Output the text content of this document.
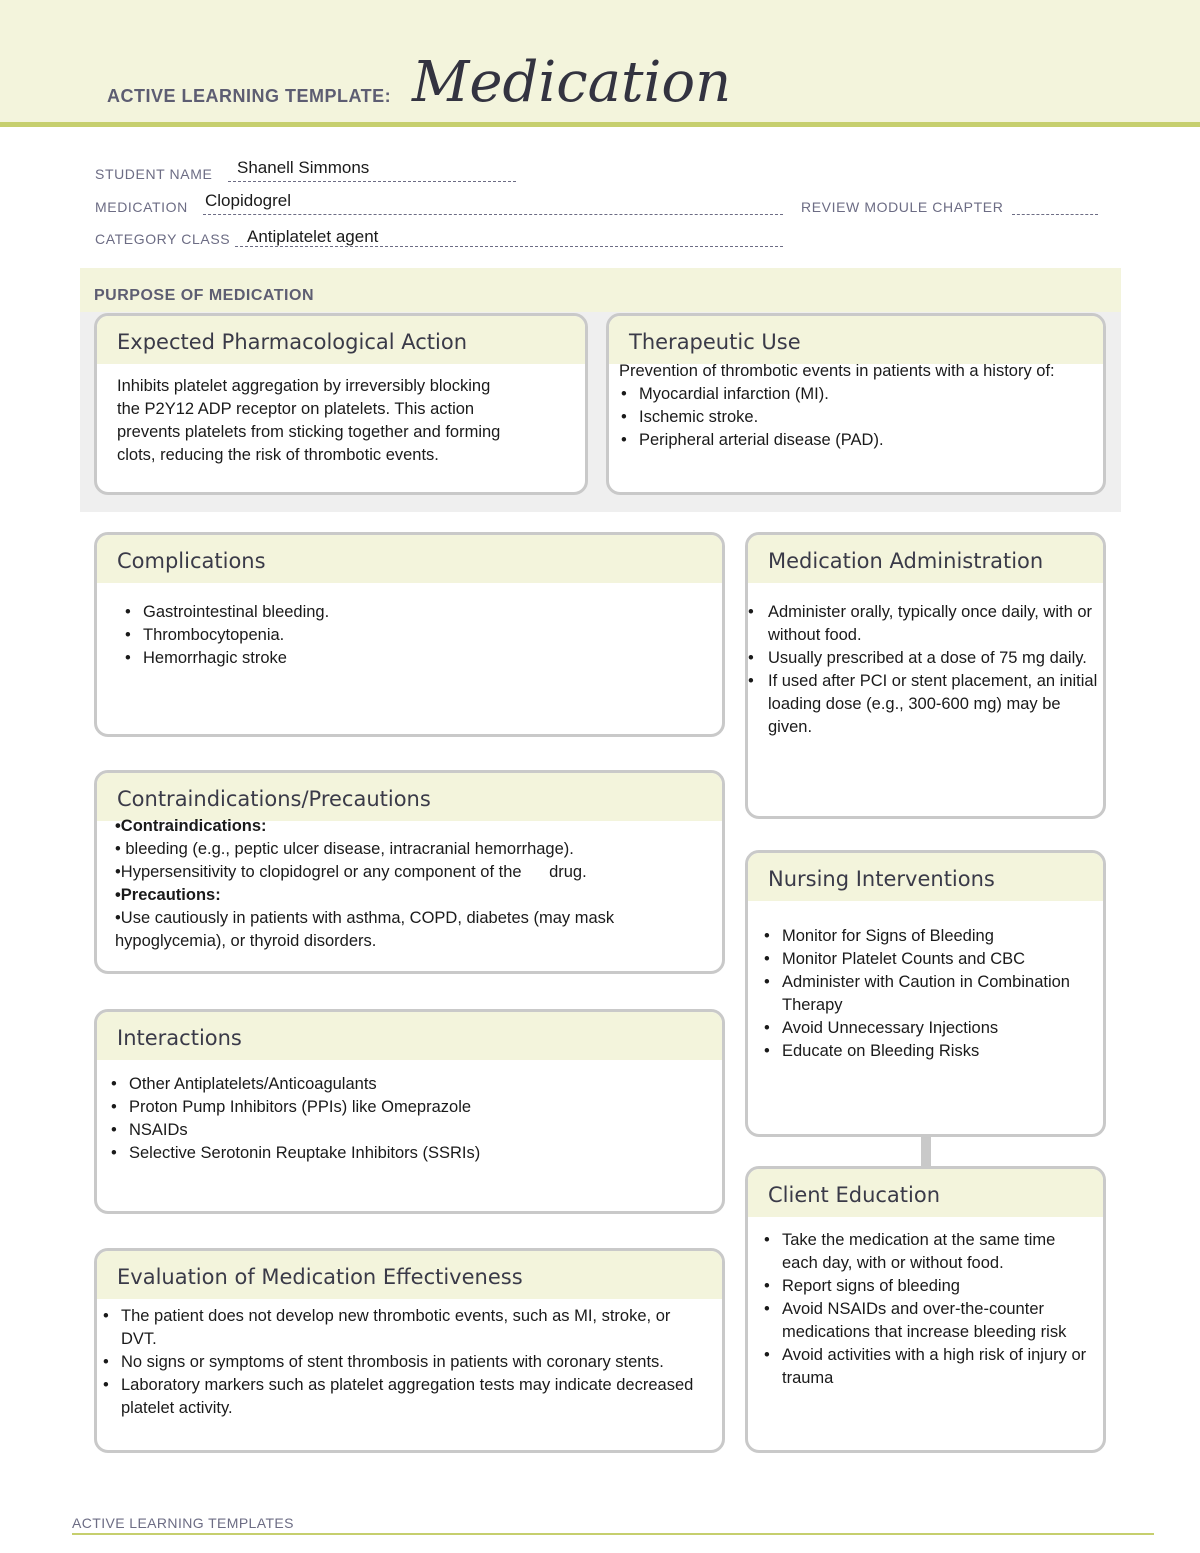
ACTIVE LEARNING TEMPLATE: Medication
STUDENT NAME Shanell Simmons
MEDICATION Clopidogrel	REVIEW MODULE CHAPTER
CATEGORY CLASS Antiplatelet agent
PURPOSE OF MEDICATION
Expected Pharmacological Action
Inhibits platelet aggregation by irreversibly blocking
the P2Y12 ADP receptor on platelets. This action
prevents platelets from sticking together and forming
clots, reducing the risk of thrombotic events.
Therapeutic Use
Prevention of thrombotic events in patients with a history of:
• Myocardial infarction (MI).
• Ischemic stroke.
• Peripheral arterial disease (PAD).
Complications
• Gastrointestinal bleeding.
• Thrombocytopenia.
• Hemorrhagic stroke
Medication Administration
• Administer orally, typically once daily, with or without food.
• Usually prescribed at a dose of 75 mg daily.
• If used after PCI or stent placement, an initial loading dose (e.g., 300-600 mg) may be given.
Contraindications/Precautions
•Contraindications:
• bleeding (e.g., peptic ulcer disease, intracranial hemorrhage).
•Hypersensitivity to clopidogrel or any component of the      drug.
•Precautions:
•Use cautiously in patients with asthma, COPD, diabetes (may mask
hypoglycemia), or thyroid disorders.
Nursing Interventions
• Monitor for Signs of Bleeding
• Monitor Platelet Counts and CBC
• Administer with Caution in Combination Therapy
• Avoid Unnecessary Injections
• Educate on Bleeding Risks
Interactions
• Other Antiplatelets/Anticoagulants
• Proton Pump Inhibitors (PPIs) like Omeprazole
• NSAIDs
• Selective Serotonin Reuptake Inhibitors (SSRIs)
Client Education
• Take the medication at the same time each day, with or without food.
• Report signs of bleeding
• Avoid NSAIDs and over-the-counter medications that increase bleeding risk
• Avoid activities with a high risk of injury or trauma
Evaluation of Medication Effectiveness
• The patient does not develop new thrombotic events, such as MI, stroke, or DVT.
• No signs or symptoms of stent thrombosis in patients with coronary stents.
• Laboratory markers such as platelet aggregation tests may indicate decreased platelet activity.
ACTIVE LEARNING TEMPLATES
